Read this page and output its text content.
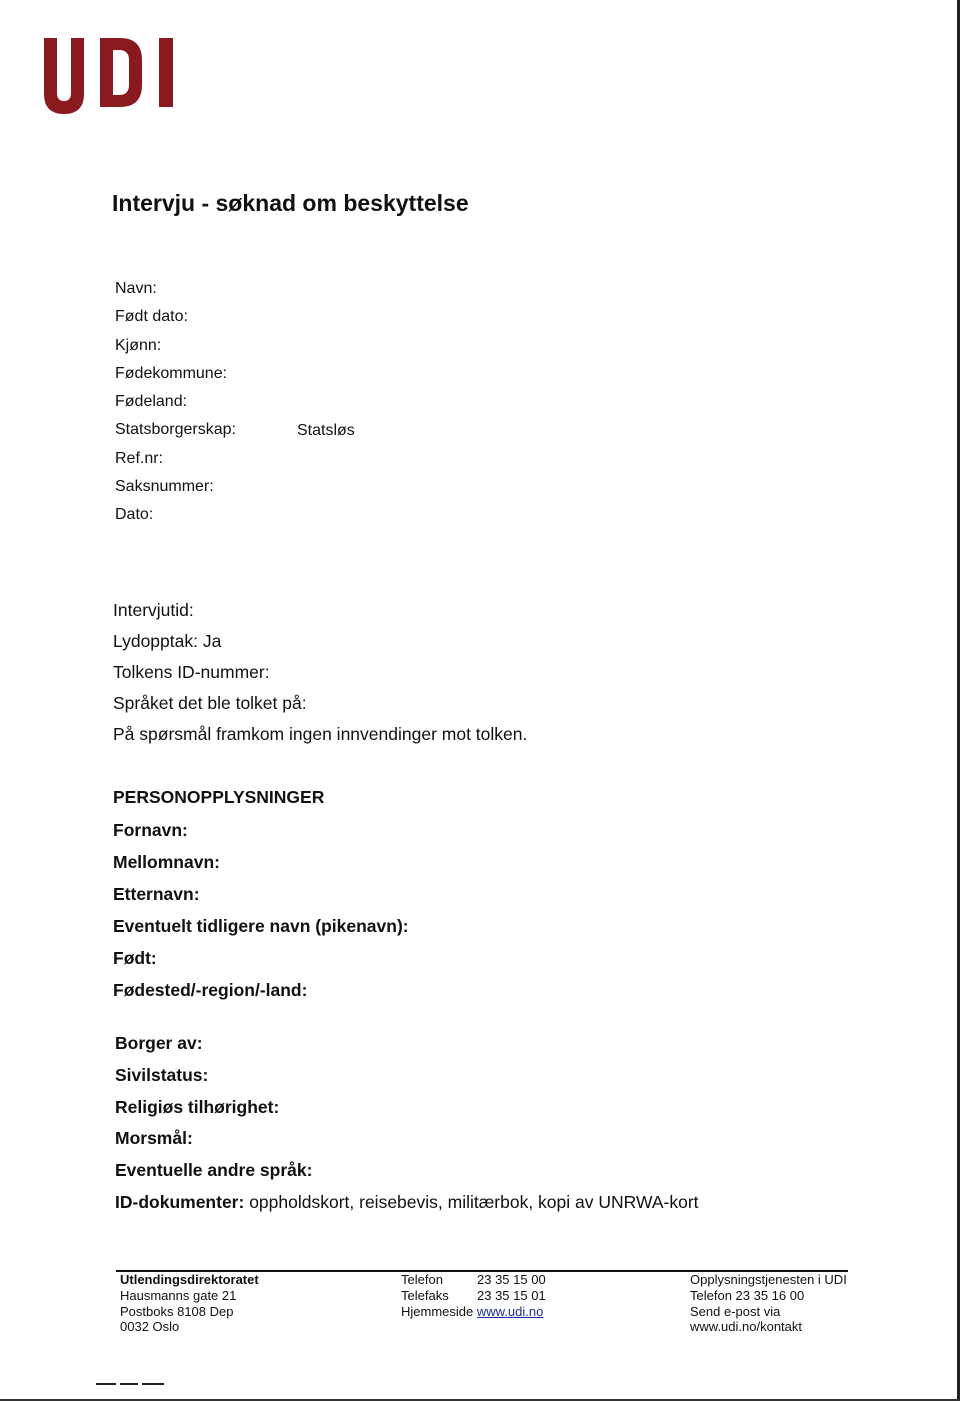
Intervju - søknad om beskyttelse
Navn:
Født dato:
Kjønn:
Fødekommune:
Fødeland:
Statsborgerskap:	Statsløs
Ref.nr:
Saksnummer:
Dato:
Intervjutid:
Lydopptak: Ja
Tolkens ID-nummer:
Språket det ble tolket på:
På spørsmål framkom ingen innvendinger mot tolken.
PERSONOPPLYSNINGER
Fornavn:
Mellomnavn:
Etternavn:
Eventuelt tidligere navn (pikenavn):
Født:
Fødested/-region/-land:
Borger av:
Sivilstatus:
Religiøs tilhørighet:
Morsmål:
Eventuelle andre språk:
ID-dokumenter: oppholdskort, reisebevis, militærbok, kopi av UNRWA-kort
Utlendingsdirektoratet
Hausmanns gate 21
Postboks 8108 Dep
0032 Oslo
Telefon	23 35 15 00
Telefaks 23 35 15 01
Hjemmeside www.udi.no
Opplysningstjenesten i UDI
Telefon 23 35 16 00
Send e-post via
www.udi.no/kontakt
